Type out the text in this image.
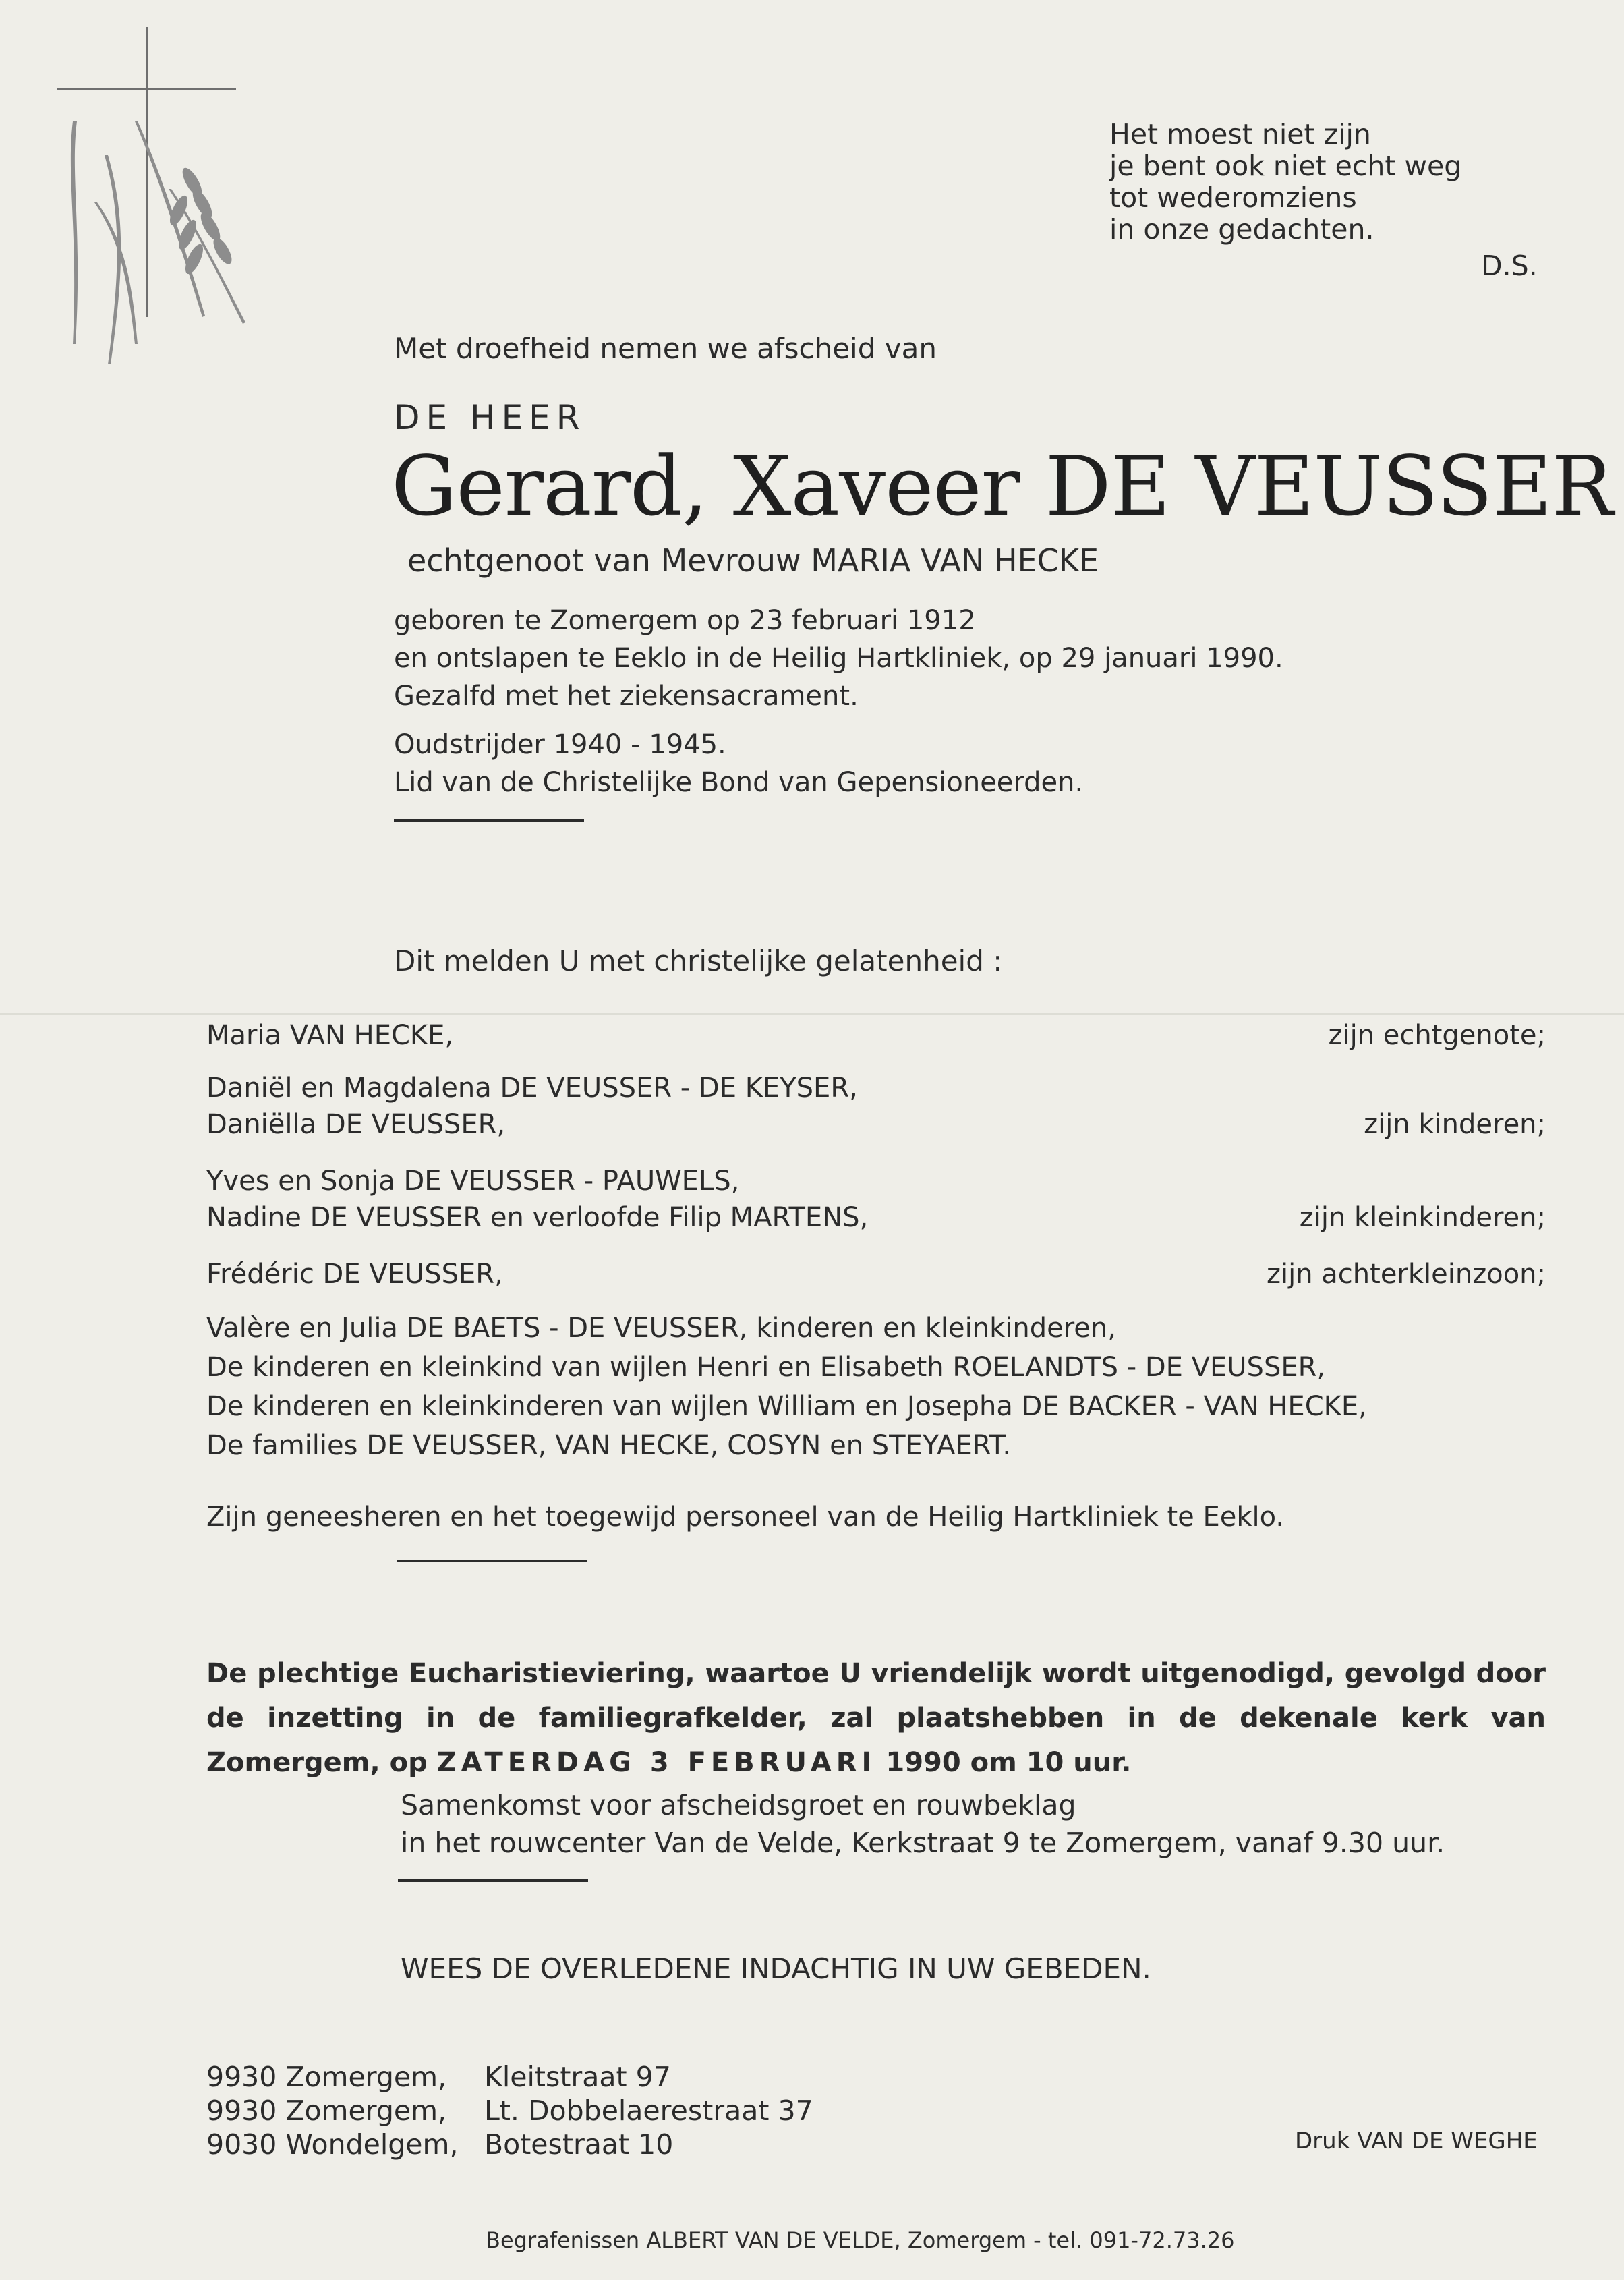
Het moest niet zijn
je bent ook niet echt weg
tot wederomziens
in onze gedachten.
D.S.
Met droefheid nemen we afscheid van
DE HEER
Gerard, Xaveer DE VEUSSER
echtgenoot van Mevrouw MARIA VAN HECKE
geboren te Zomergem op 23 februari 1912
en ontslapen te Eeklo in de Heilig Hartkliniek, op 29 januari 1990.
Gezalfd met het ziekensacrament.
Oudstrijder 1940 - 1945.
Lid van de Christelijke Bond van Gepensioneerden.
Dit melden U met christelijke gelatenheid :
Maria VAN HECKE,	zijn echtgenote;
Daniël en Magdalena DE VEUSSER - DE KEYSER,
Daniëlla DE VEUSSER,	zijn kinderen;
Yves en Sonja DE VEUSSER - PAUWELS,
Nadine DE VEUSSER en verloofde Filip MARTENS,	zijn kleinkinderen;
Frédéric DE VEUSSER,	zijn achterkleinzoon;
Valère en Julia DE BAETS - DE VEUSSER, kinderen en kleinkinderen,
De kinderen en kleinkind van wijlen Henri en Elisabeth ROELANDTS - DE VEUSSER,
De kinderen en kleinkinderen van wijlen William en Josepha DE BACKER - VAN HECKE,
De families DE VEUSSER, VAN HECKE, COSYN en STEYAERT.
Zijn geneesheren en het toegewijd personeel van de Heilig Hartkliniek te Eeklo.
De plechtige Eucharistieviering, waartoe U vriendelijk wordt uitgenodigd, gevolgd door de inzetting in de familiegrafkelder, zal plaatshebben in de dekenale kerk van Zomergem, op ZATERDAG 3 FEBRUARI 1990 om 10 uur.
Samenkomst voor afscheidsgroet en rouwbeklag
in het rouwcenter Van de Velde, Kerkstraat 9 te Zomergem, vanaf 9.30 uur.
WEES DE OVERLEDENE INDACHTIG IN UW GEBEDEN.
9930 Zomergem,	Kleitstraat 97
9930 Zomergem,	Lt. Dobbelaerestraat 37
9030 Wondelgem, Botestraat 10	Druk VAN DE WEGHE
Begrafenissen ALBERT VAN DE VELDE, Zomergem - tel. 091-72.73.26
